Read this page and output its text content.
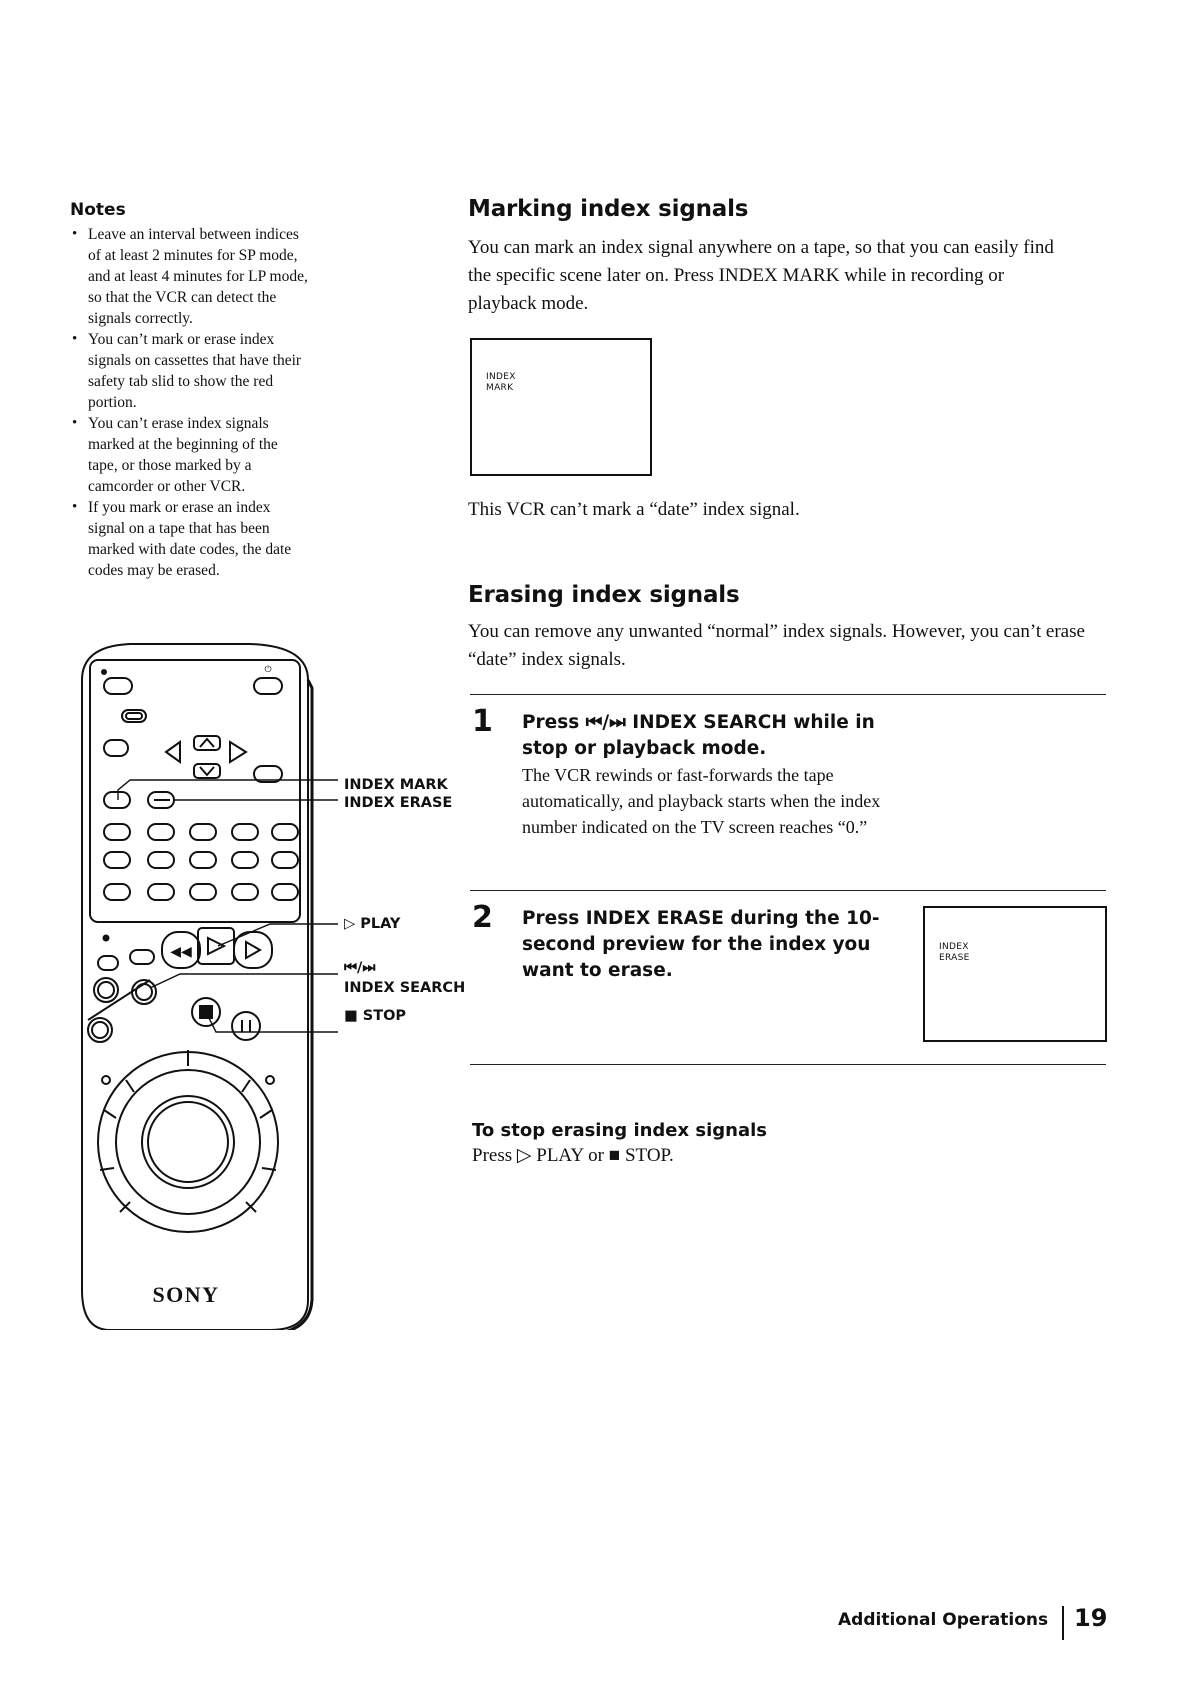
Notes
• Leave an interval between indices of at least 2 minutes for SP mode, and at least 4 minutes for LP mode, so that the VCR can detect the signals correctly.
• You can’t mark or erase index signals on cassettes that have their safety tab slid to show the red portion.
• You can’t erase index signals marked at the beginning of the tape, or those marked by a camcorder or other VCR.
• If you mark or erase an index signal on a tape that has been marked with date codes, the date codes may be erased.
Marking index signals
You can mark an index signal anywhere on a tape, so that you can easily find the specific scene later on. Press INDEX MARK while in recording or playback mode.
INDEX
MARK
This VCR can’t mark a “date” index signal.
Erasing index signals
You can remove any unwanted “normal” index signals. However, you can’t erase “date” index signals.
1 Press ⏮/⏭ INDEX SEARCH while in stop or playback mode.
The VCR rewinds or fast-forwards the tape automatically, and playback starts when the index number indicated on the TV screen reaches “0.”
2 Press INDEX ERASE during the 10-second preview for the index you want to erase.
INDEX
ERASE
To stop erasing index signals
Press ▷ PLAY or ■ STOP.
⏻
◀◀
SONY
INDEX MARK
INDEX ERASE
▷ PLAY
⏮/⏭
INDEX SEARCH
■ STOP
Additional Operations 19
